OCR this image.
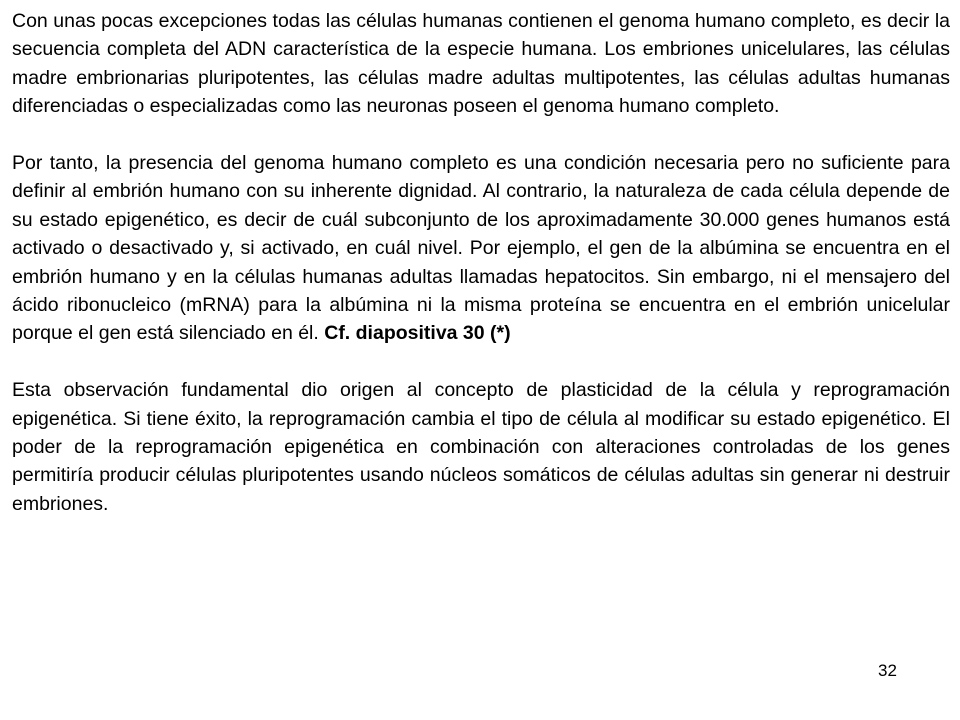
Con unas pocas excepciones todas las células humanas contienen el genoma humano completo, es decir la secuencia completa del ADN característica de la especie humana. Los embriones unicelulares, las células madre embrionarias pluripotentes, las células madre adultas multipotentes, las células adultas humanas diferenciadas o especializadas como las neuronas poseen el genoma humano completo.

Por tanto, la presencia del genoma humano completo es una condición necesaria pero no suficiente para definir al embrión humano con su inherente dignidad. Al contrario, la naturaleza de cada célula depende de su estado epigenético, es decir de cuál subconjunto de los aproximadamente 30.000 genes humanos está activado o desactivado y, si activado, en cuál nivel. Por ejemplo, el gen de la albúmina se encuentra en el embrión humano y en la células humanas adultas llamadas hepatocitos. Sin embargo, ni el mensajero del ácido ribonucleico (mRNA) para la albúmina ni la misma proteína se encuentra en el embrión unicelular porque el gen está silenciado en él. Cf. diapositiva 30 (*)

Esta observación fundamental dio origen al concepto de plasticidad de la célula y reprogramación epigenética. Si tiene éxito, la reprogramación cambia el tipo de célula al modificar su estado epigenético. El poder de la reprogramación epigenética en combinación con alteraciones controladas de los genes permitiría producir células pluripotentes usando núcleos somáticos de células adultas sin generar ni destruir embriones.

32
